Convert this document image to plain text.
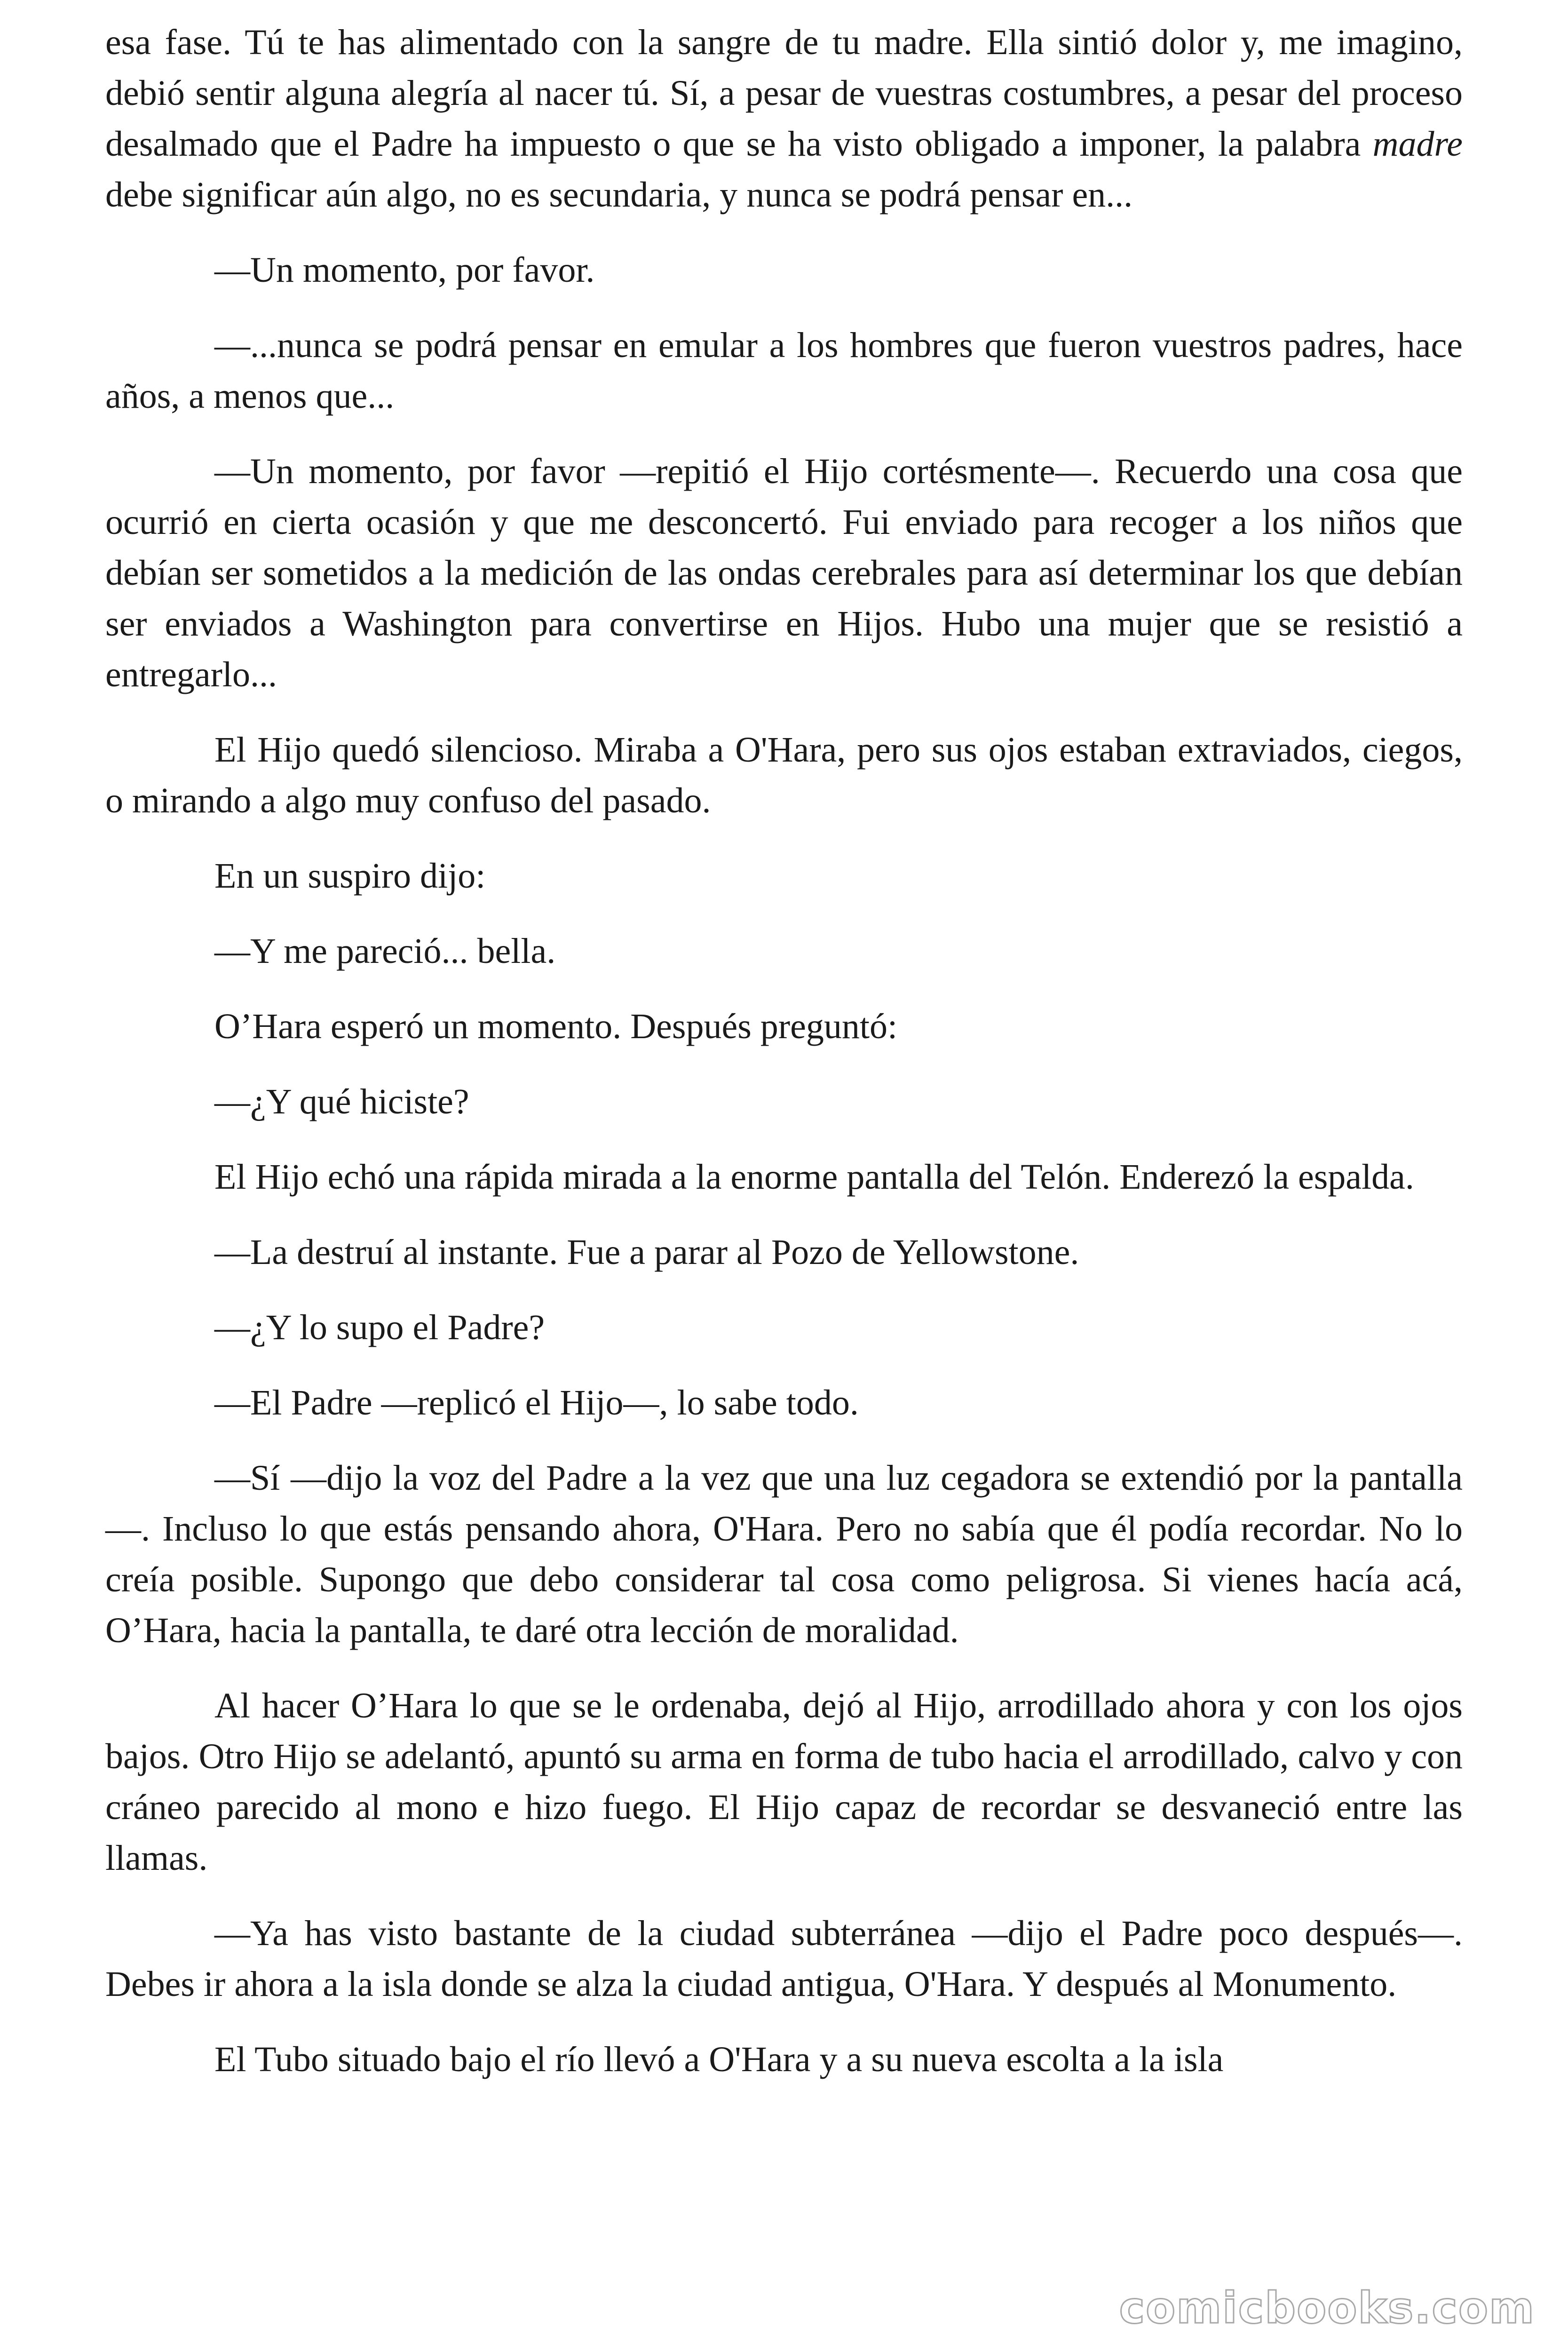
esa fase. Tú te has alimentado con la sangre de tu madre. Ella sintió dolor y, me imagino, debió sentir alguna alegría al nacer tú. Sí, a pesar de vuestras costumbres, a pesar del proceso desalmado que el Padre ha impuesto o que se ha visto obligado a imponer, la palabra madre debe significar aún algo, no es secundaria, y nunca se podrá pensar en...

—Un momento, por favor.

—...nunca se podrá pensar en emular a los hombres que fueron vuestros padres, hace años, a menos que...

—Un momento, por favor —repitió el Hijo cortésmente—. Recuerdo una cosa que ocurrió en cierta ocasión y que me desconcertó. Fui enviado para recoger a los niños que debían ser sometidos a la medición de las ondas cerebrales para así determinar los que debían ser enviados a Washington para convertirse en Hijos. Hubo una mujer que se resistió a entregarlo...

El Hijo quedó silencioso. Miraba a O'Hara, pero sus ojos estaban extraviados, ciegos, o mirando a algo muy confuso del pasado.

En un suspiro dijo:

—Y me pareció... bella.

O’Hara esperó un momento. Después preguntó:

—¿Y qué hiciste?

El Hijo echó una rápida mirada a la enorme pantalla del Telón. Enderezó la espalda.

—La destruí al instante. Fue a parar al Pozo de Yellowstone.

—¿Y lo supo el Padre?

—El Padre —replicó el Hijo—, lo sabe todo.

—Sí —dijo la voz del Padre a la vez que una luz cegadora se extendió por la pantalla—. Incluso lo que estás pensando ahora, O'Hara. Pero no sabía que él podía recordar. No lo creía posible. Supongo que debo considerar tal cosa como peligrosa. Si vienes hacía acá, O’Hara, hacia la pantalla, te daré otra lección de moralidad.

Al hacer O’Hara lo que se le ordenaba, dejó al Hijo, arrodillado ahora y con los ojos bajos. Otro Hijo se adelantó, apuntó su arma en forma de tubo hacia el arrodillado, calvo y con cráneo parecido al mono e hizo fuego. El Hijo capaz de recordar se desvaneció entre las llamas.

—Ya has visto bastante de la ciudad subterránea —dijo el Padre poco después—. Debes ir ahora a la isla donde se alza la ciudad antigua, O'Hara. Y después al Monumento.

El Tubo situado bajo el río llevó a O'Hara y a su nueva escolta a la isla

comicbooks.com
